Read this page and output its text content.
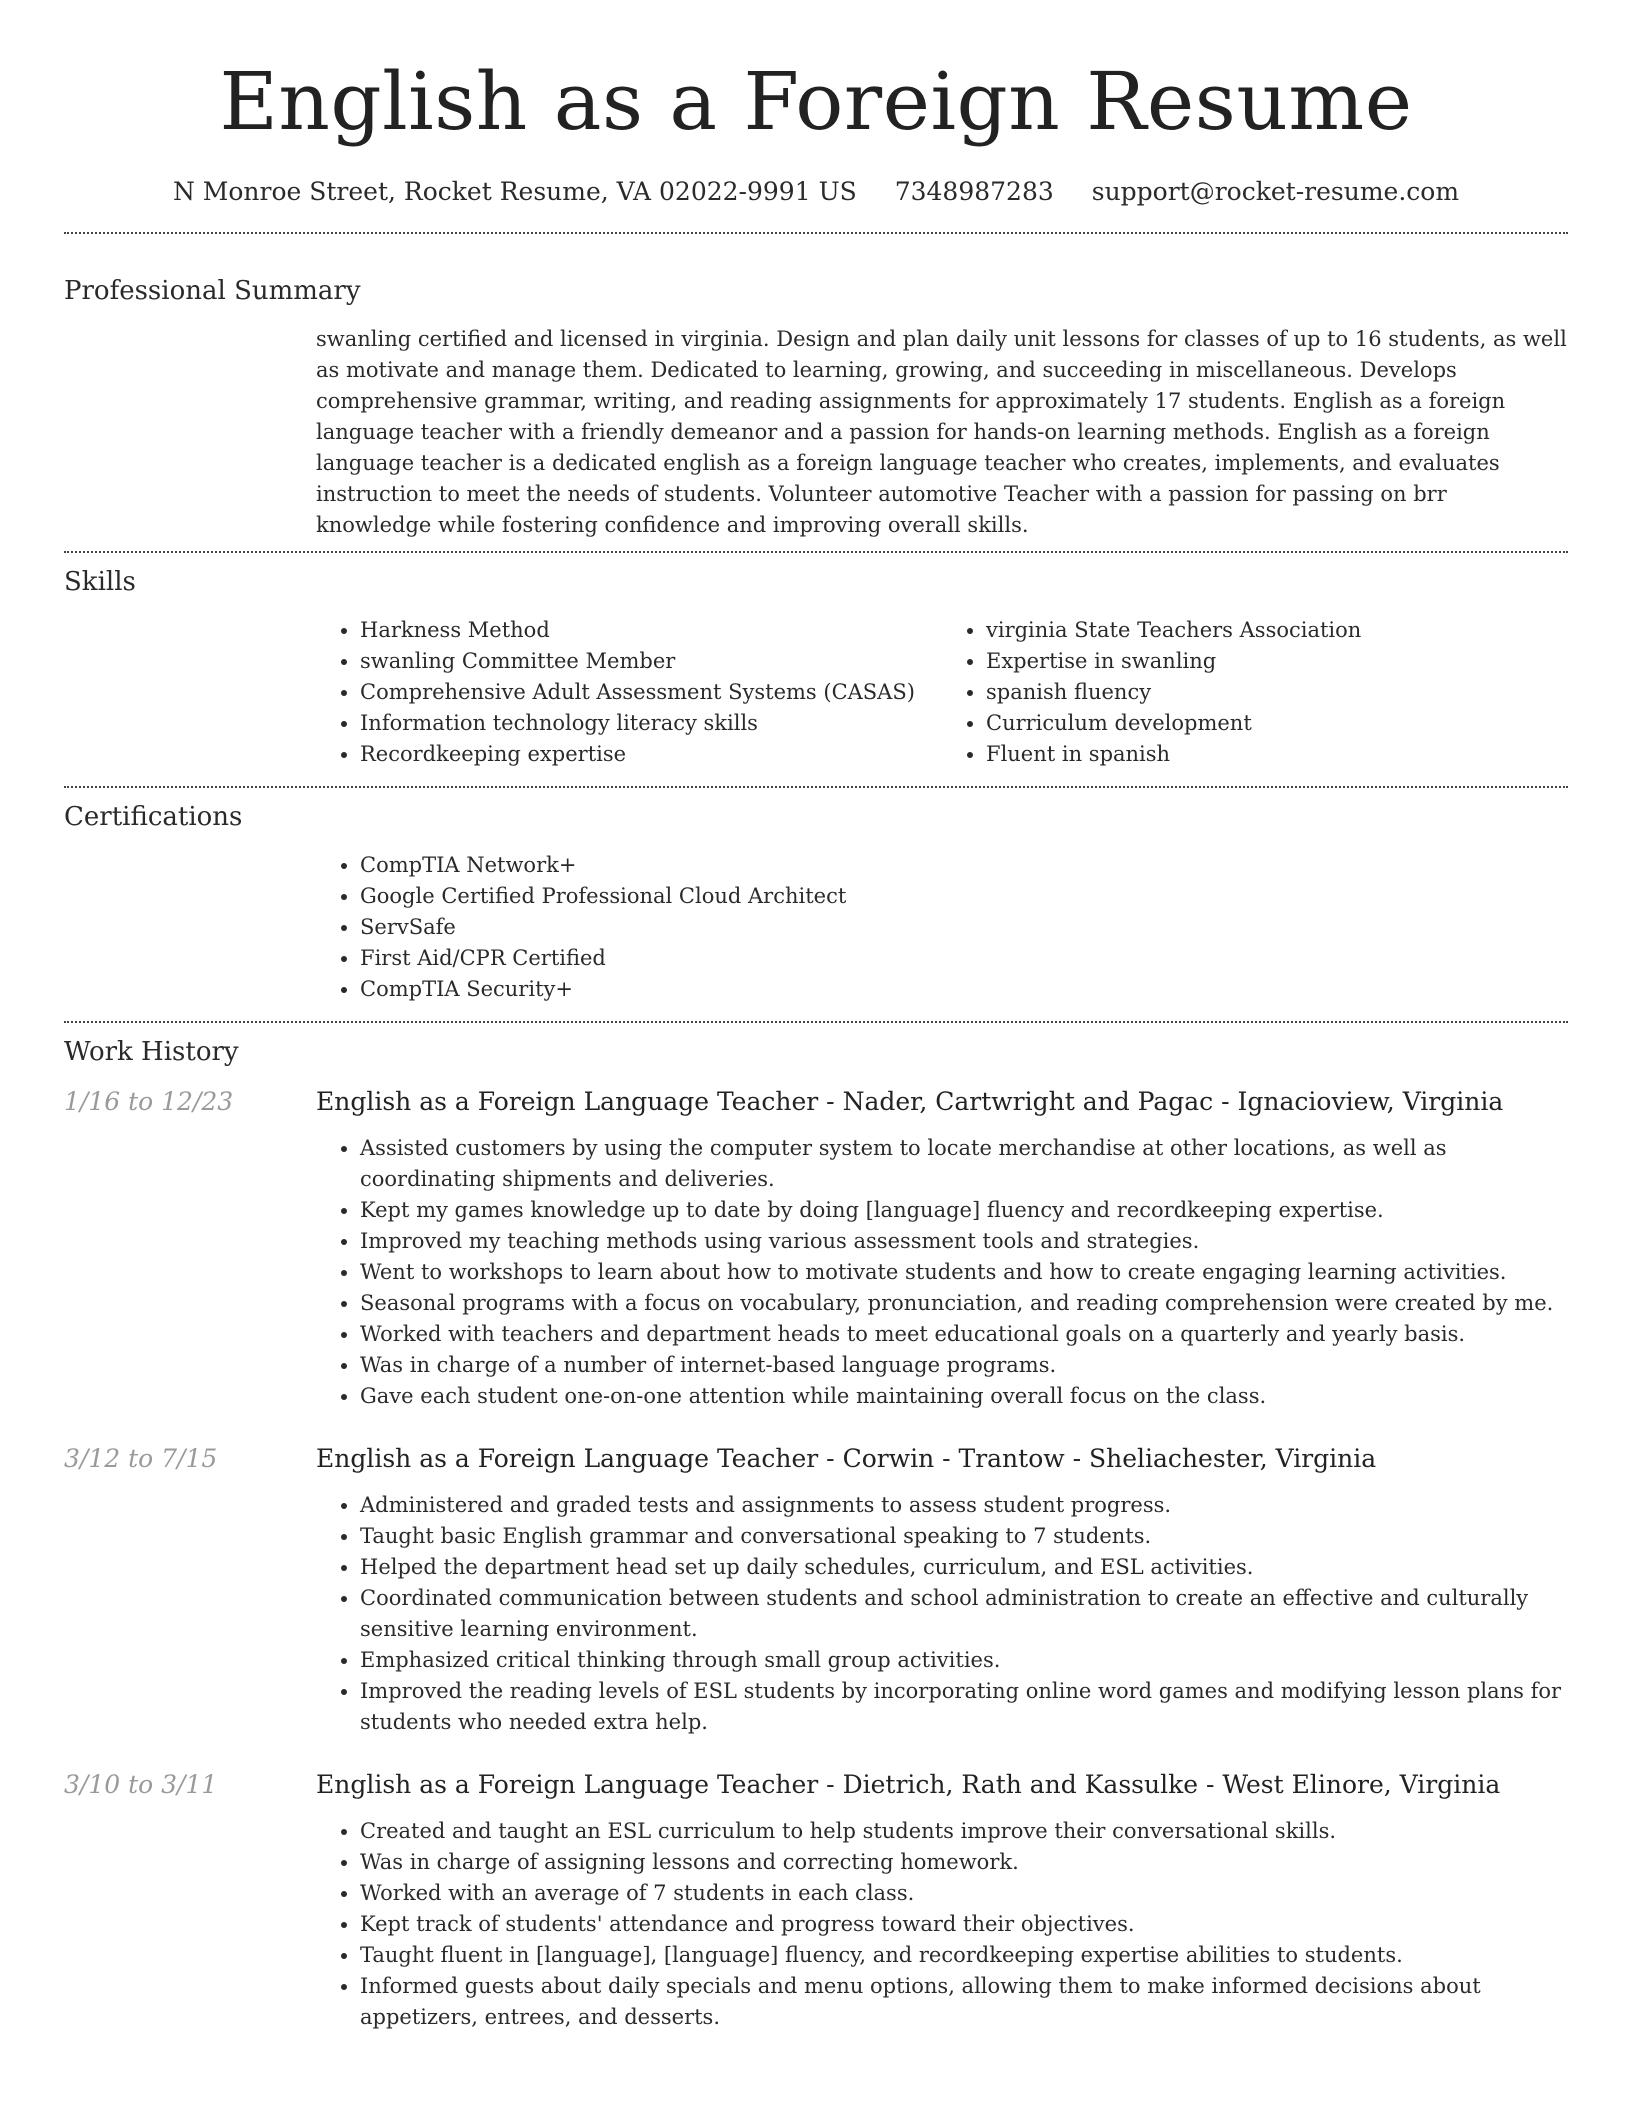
English as a Foreign Resume
N Monroe Street, Rocket Resume, VA 02022-9991 US 7348987283 support@rocket-resume.com
Professional Summary

swanling certified and licensed in virginia. Design and plan daily unit lessons for classes of up to 16 students, as well as motivate and manage them. Dedicated to learning, growing, and succeeding in miscellaneous. Develops comprehensive grammar, writing, and reading assignments for approximately 17 students. English as a foreign language teacher with a friendly demeanor and a passion for hands-on learning methods. English as a foreign language teacher is a dedicated english as a foreign language teacher who creates, implements, and evaluates instruction to meet the needs of students. Volunteer automotive Teacher with a passion for passing on brr knowledge while fostering confidence and improving overall skills.

Skills
• Harkness Method
• swanling Committee Member
• Comprehensive Adult Assessment Systems (CASAS)
• Information technology literacy skills
• Recordkeeping expertise
• virginia State Teachers Association
• Expertise in swanling
• spanish fluency
• Curriculum development
• Fluent in spanish
Certifications
• CompTIA Network+
• Google Certified Professional Cloud Architect
• ServSafe
• First Aid/CPR Certified
• CompTIA Security+
Work History
1/16 to 12/23	English as a Foreign Language Teacher - Nader, Cartwright and Pagac - Ignacioview, Virginia
• Assisted customers by using the computer system to locate merchandise at other locations, as well as coordinating shipments and deliveries.
• Kept my games knowledge up to date by doing [language] fluency and recordkeeping expertise.
• Improved my teaching methods using various assessment tools and strategies.
• Went to workshops to learn about how to motivate students and how to create engaging learning activities.
• Seasonal programs with a focus on vocabulary, pronunciation, and reading comprehension were created by me.
• Worked with teachers and department heads to meet educational goals on a quarterly and yearly basis.
• Was in charge of a number of internet-based language programs.
• Gave each student one-on-one attention while maintaining overall focus on the class.
3/12 to 7/15	English as a Foreign Language Teacher - Corwin - Trantow - Sheliachester, Virginia
• Administered and graded tests and assignments to assess student progress.
• Taught basic English grammar and conversational speaking to 7 students.
• Helped the department head set up daily schedules, curriculum, and ESL activities.
• Coordinated communication between students and school administration to create an effective and culturally sensitive learning environment.
• Emphasized critical thinking through small group activities.
• Improved the reading levels of ESL students by incorporating online word games and modifying lesson plans for students who needed extra help.
3/10 to 3/11	English as a Foreign Language Teacher - Dietrich, Rath and Kassulke - West Elinore, Virginia
• Created and taught an ESL curriculum to help students improve their conversational skills.
• Was in charge of assigning lessons and correcting homework.
• Worked with an average of 7 students in each class.
• Kept track of students' attendance and progress toward their objectives.
• Taught fluent in [language], [language] fluency, and recordkeeping expertise abilities to students.
• Informed guests about daily specials and menu options, allowing them to make informed decisions about appetizers, entrees, and desserts.
